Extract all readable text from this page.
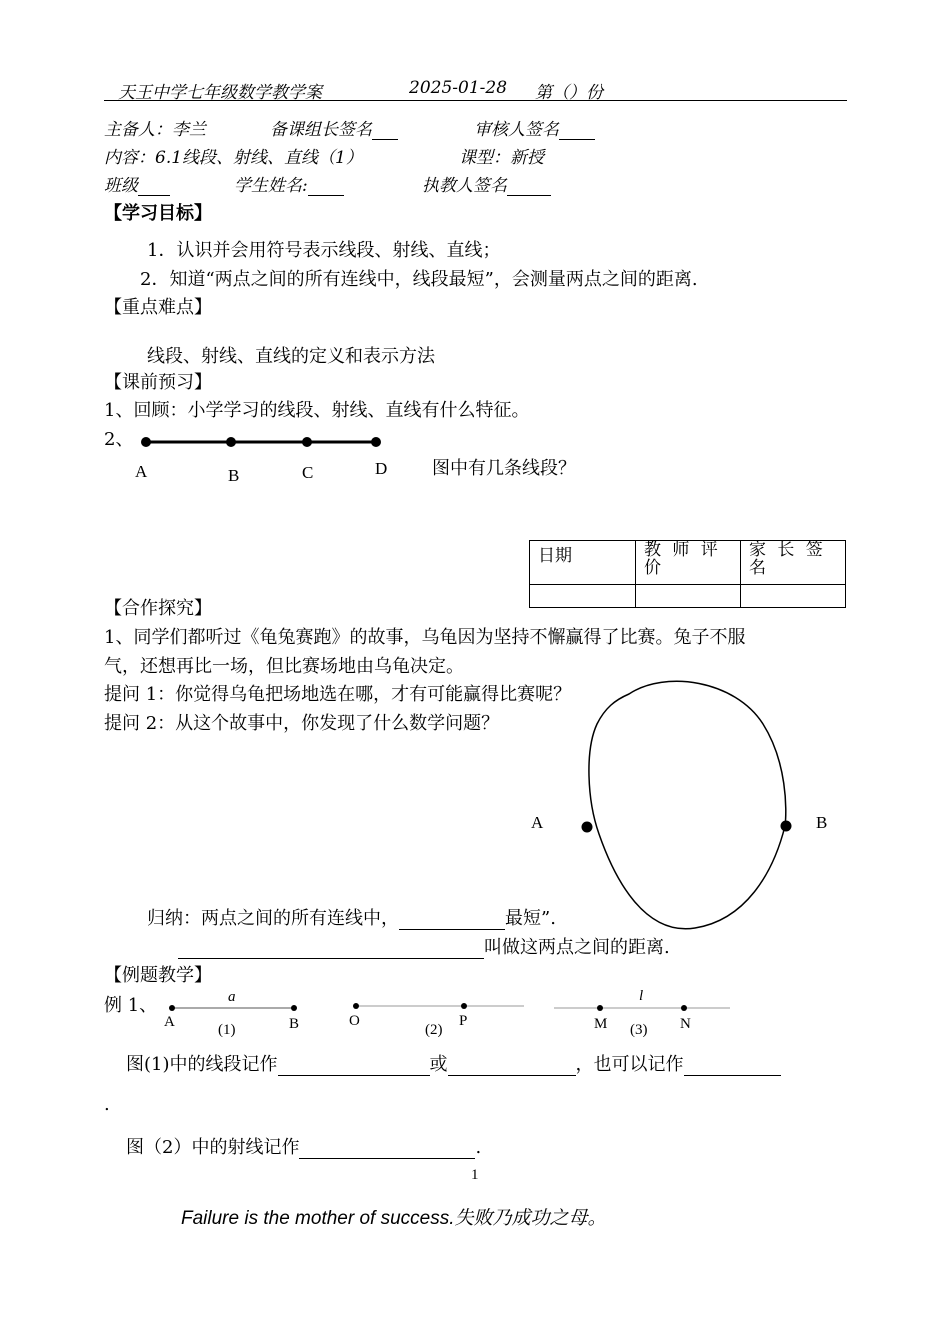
天王中学七年级数学教学案	2025-01-28 第（）份
主备人：李兰	备课组长签名	审核人签名
内容：6.1线段、射线、直线（1）	课型：新授
班级	学生姓名:	执教人签名
【学习目标】
1．认识并会用符号表示线段、射线、直线；
2．知道“两点之间的所有连线中，线段最短”，会测量两点之间的距离.
【重点难点】
线段、射线、直线的定义和表示方法
【课前预习】
1、回顾：小学学习的线段、射线、直线有什么特征。
2、
A	B	C	D 图中有几条线段？
日期	教 师 评 价	家 长 签 名

【合作探究】
1、同学们都听过《龟兔赛跑》的故事，乌龟因为坚持不懈赢得了比赛。兔子不服
气，还想再比一场，但比赛场地由乌龟决定。
提问 1：你觉得乌龟把场地选在哪，才有可能赢得比赛呢？
提问 2：从这个故事中，你发现了什么数学问题？
A	B
归纳：两点之间的所有连线中，	最短”.
叫做这两点之间的距离.
【例题教学】
例 1、	a
A	B
(1)
O	P
(2)
l
M	N
(3)
图(1)中的线段记作	或	，也可以记作
.
图（2）中的射线记作	.
1
Failure is the mother of success.失败乃成功之母。
